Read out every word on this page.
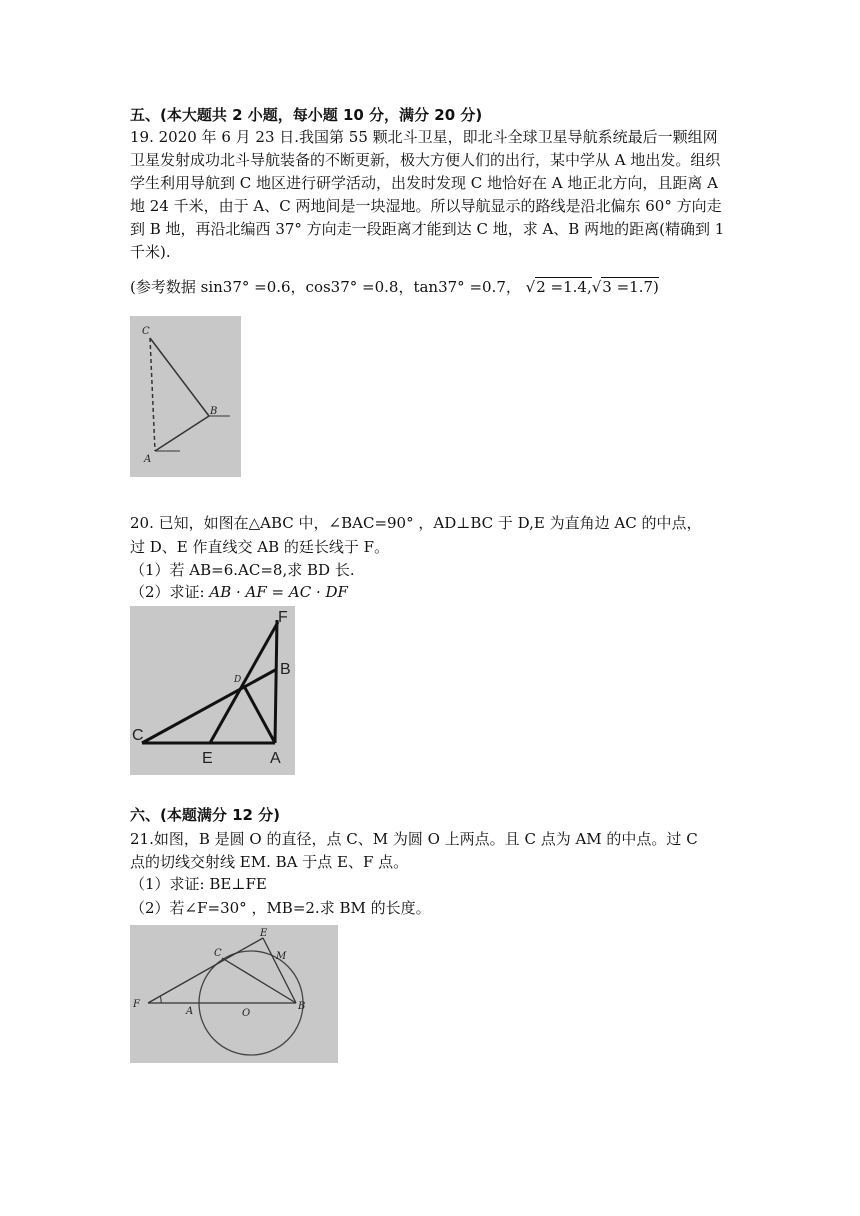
五、(本大题共 2 小题，每小题 10 分，满分 20 分)
19. 2020 年 6 月 23 日.我国第 55 颗北斗卫星，即北斗全球卫星导航系统最后一颗组网卫星发射成功北斗导航装备的不断更新，极大方便人们的出行，某中学从 A 地出发。组织学生利用导航到 C 地区进行研学活动，出发时发现 C 地恰好在 A 地正北方向，且距离 A 地 24 千米，由于 A、C 两地间是一块湿地。所以导航显示的路线是沿北偏东 60° 方向走到 B 地，再沿北编西 37° 方向走一段距离才能到达 C 地，求 A、B 两地的距离(精确到 1 千米).
(参考数据 sin37° =0.6，cos37° =0.8，tan37° =0.7， √2 =1.4,√3 =1.7)
C
B
A
20. 已知，如图在△ABC 中，∠BAC=90° ，AD⊥BC 于 D,E 为直角边 AC 的中点，
过 D、E 作直线交 AB 的廷长线于 F。
（1）若 AB=6.AC=8,求 BD 长.
（2）求证: AB · AF = AC · DF
F
B
D
C
E	A
六、(本题满分 12 分)
21.如图，B 是圆 O 的直径，点 C、M 为圆 O 上两点。且 C 点为 AM 的中点。过 C
点的切线交射线 EM. BA 于点 E、F 点。
（1）求证: BE⊥FE
（2）若∠F=30° ，MB=2.求 BM 的长度。
E
C	M
F
A	O
B
